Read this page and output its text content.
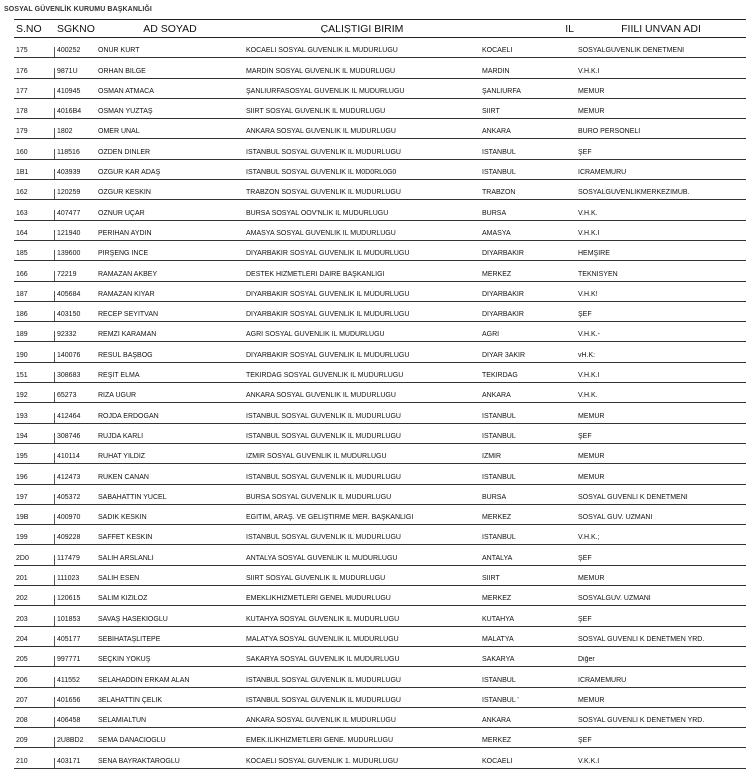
SOSYAL GÜVENLİK KURUMU BAŞKANLIĞI
S.NO	SGKNO	AD SOYAD	ÇALIŞTIGI BIRIM	IL	FIILI UNVAN ADI
175	400252	ONUR KURT	KOCAELI SOSYAL GUVENLIK IL MUDURLUGU	KOCAELI	SOSYALGUVENLIK DENETMENI
176	9871U	ORHAN BILGE	MARDIN SOSYAL GUVENLIK IL MUDURLUGU	MARDIN	V.H.K.I
177	410945	OSMAN ATMACA	ŞANLIURFASOSYAL GUVENLIK IL MUDURLUGU	ŞANLIURFA	MEMUR
178	4016B4	OSMAN YUZTAŞ	SIIRT SOSYAL GUVENLIK IL MUDURLUGU	SIIRT	MEMUR
179	1802	OMER UNAL	ANKARA SOSYAL GUVENLIK IL MUDURLUGU	ANKARA	BURO PERSONELI
160	118516	OZDEN DINLER	ISTANBUL SOSYAL GUVENLIK IL MUDURLUGU	ISTANBUL	ŞEF
1B1	403939	OZGUR KAR ADAŞ	ISTANBUL SOSYAL GUVENLIK IL M0D0RL0G0	ISTANBUL	ICRAMEMURU
162	120259	OZGUR KESKIN	TRABZON SOSYAL GUVENLIK IL MUDURLUGU	TRABZON	SOSYALGUVENLIKMERKEZIMUB.
163	407477	OZNUR UÇAR	BURSA SOSYAL OOV'NLIK IL MUDURLUGU	BURSA	V.H.K.
164	121940	PERIHAN AYDIN	AMASYA SOSYAL GUVENLIK IL MUDURLUGU	AMASYA	V.H.K.I
185	139600	PIRŞENG INCE	DIYARBAKIR SOSYAL GUVENLIK IL MUDURLUGU	DIYARBAKIR	HEMŞIRE
166	72219	RAMAZAN AKBEY	DESTEK HIZMETLERI DAIRE BAŞKANLIGI	MERKEZ	TEKNISYEN
187	405684	RAMAZAN KIYAR	DIYARBAKIR SOSYAL GUVENLIK IL MUDURLUGU	DIYARBAKIR	V.H.K!
186	403150	RECEP SEYITVAN	DIYARBAKIR SOSYAL GUVENLIK IL MUDURLUGU	DIYARBAKIR	ŞEF
189	92332	REMZI KARAMAN	AGRI SOSYAL GUVENLIK IL MUDURLUGU	AGRI	V.H.K.-
190	140076	RESUL BAŞBOG	DIYARBAKIR SOSYAL GUVENLIK IL MUDURLUGU	DIYAR 3AKIR	vH.K:
151	308683	REŞIT ELMA	TEKIRDAG SOSYAL GUVENLIK IL MUDURLUGU	TEKIRDAG	V.H.K.I
192	65273	RIZA UGUR	ANKARA SOSYAL GUVENLIK IL MUDURLUGU	ANKARA	V.H.K.
193	412464	ROJDA ERDOGAN	ISTANBUL SOSYAL GUVENLIK IL MUDURLUGU	ISTANBUL	MEMUR
194	308746	RUJDA KARLI	ISTANBUL SOSYAL GUVENLIK IL MUDURLUGU	ISTANBUL	ŞEF
195	410114	RUHAT YILDIZ	IZMIR SOSYAL GUVENLIK IL MUDURLUGU	IZMIR	MEMUR
196	412473	RUKEN CANAN	ISTANBUL SOSYAL GUVENLIK IL MUDURLUGU	ISTANBUL	MEMUR
197	405372	SABAHATTIN YUCEL	BURSA SOSYAL GUVENLIK IL MUDURLUGU	BURSA	SOSYAL GUVENLI K DENETMENI
19B	400970	SADIK KESKIN	EGITIM, ARAŞ. VE GELIŞTIRME MER. BAŞKANLIGI	MERKEZ	SOSYAL GUV. UZMANI
199	409228	SAFFET KESKIN	ISTANBUL SOSYAL GUVENLIK IL MUDURLUGU	ISTANBUL	V.H.K.;
2D0	117479	SALIH ARSLANLI	ANTALYA SOSYAL GUVENLIK IL MUDURLUGU	ANTALYA	ŞEF
201	111023	SALIH ESEN	SIIRT SOSYAL GUVENLIK IL MUDURLUGU	SIIRT	MEMUR
202	120615	SALIM KIZILOZ	EMEKLIKHIZMETLERI GENEL MUDURLUGU	MERKEZ	SOSYALGUV. UZMANI
203	101853	SAVAŞ HASEKIOGLU	KUTAHYA SOSYAL GUVENLIK IL MUDURLUGU	KUTAHYA	ŞEF
204	405177	SEBIHATAŞLITEPE	MALATYA SOSYAL GUVENLIK IL MUDURLUGU	MALATYA	SOSYAL GUVENLI K DENETMEN YRD.
205	997771	SEÇKIN YOKUŞ	SAKARYA SOSYAL GUVENLIK IL MUDURLUGU	SAKARYA	Diğer
206	411552	SELAHADDIN ERKAM ALAN	ISTANBUL SOSYAL GUVENLIK IL MUDURLUGU	ISTANBUL	ICRAMEMURU
207	401656	3ELAHATTIN ÇELIK	ISTANBUL SOSYAL GUVENLIK IL MUDURLUGU	ISTANBUL '	MEMUR
208	406458	SELAMIALTUN	ANKARA SOSYAL GUVENLIK IL MUDURLUGU	ANKARA	SOSYAL GUVENLI K DENETMEN YRD.
209	2U8BD2	SEMA DANACIOGLU	EMEK.ILIKHIZMETLERI GENE. MUDURLUGU	MERKEZ	ŞEF
210	403171	SENA BAYRAKTAROGLU	KOCAELI SOSYAL GUVENLIK 1. MUDURLUGU	KOCAELI	V.K.K.I
